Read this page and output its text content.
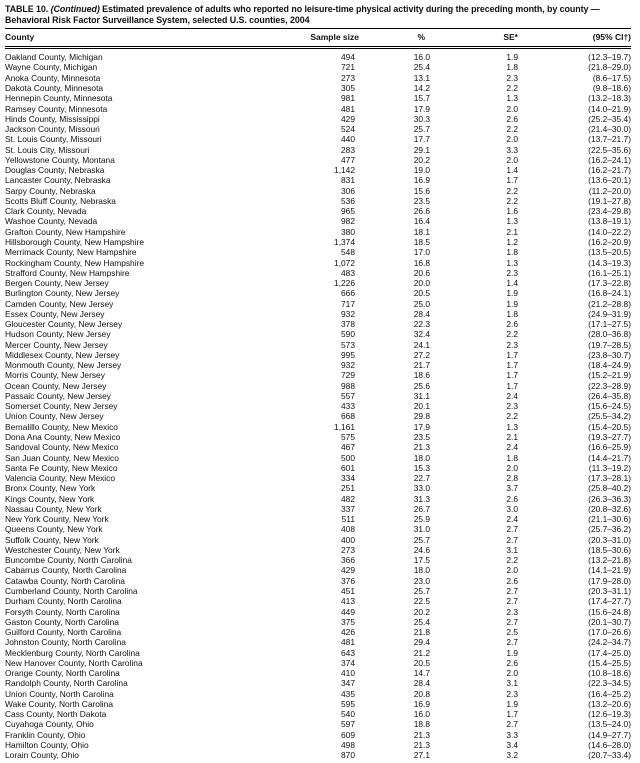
TABLE 10. (Continued) Estimated prevalence of adults who reported no leisure-time physical activity during the preceding month, by county — Behavioral Risk Factor Surveillance System, selected U.S. counties, 2004

County	Sample size	%	SE*	(95% CI†)
Oakland County, Michigan	494	16.0	1.9	(12.3–19.7)
Wayne County, Michigan	721	25.4	1.8	(21.8–29.0)
Anoka County, Minnesota	273	13.1	2.3	(8.6–17.5)
Dakota County, Minnesota	305	14.2	2.2	(9.8–18.6)
Hennepin County, Minnesota	981	15.7	1.3	(13.2–18.3)
Ramsey County, Minnesota	481	17.9	2.0	(14.0–21.9)
Hinds County, Mississippi	429	30.3	2.6	(25.2–35.4)
Jackson County, Missouri	524	25.7	2.2	(21.4–30.0)
St. Louis County, Missouri	440	17.7	2.0	(13.7–21.7)
St. Louis City, Missouri	283	29.1	3.3	(22.5–35.6)
Yellowstone County, Montana	477	20.2	2.0	(16.2–24.1)
Douglas County, Nebraska	1,142	19.0	1.4	(16.2–21.7)
Lancaster County, Nebraska	831	16.9	1.7	(13.6–20.1)
Sarpy County, Nebraska	306	15.6	2.2	(11.2–20.0)
Scotts Bluff County, Nebraska	536	23.5	2.2	(19.1–27.8)
Clark County, Nevada	965	26.6	1.6	(23.4–29.8)
Washoe County, Nevada	982	16.4	1.3	(13.8–19.1)
Grafton County, New Hampshire	380	18.1	2.1	(14.0–22.2)
Hillsborough County, New Hampshire	1,374	18.5	1.2	(16.2–20.9)
Merrimack County, New Hampshire	548	17.0	1.8	(13.5–20.5)
Rockingham County, New Hampshire	1,072	16.8	1.3	(14.3–19.3)
Strafford County, New Hampshire	483	20.6	2.3	(16.1–25.1)
Bergen County, New Jersey	1,226	20.0	1.4	(17.3–22.8)
Burlington County, New Jersey	666	20.5	1.9	(16.8–24.1)
Camden County, New Jersey	717	25.0	1.9	(21.2–28.8)
Essex County, New Jersey	932	28.4	1.8	(24.9–31.9)
Gloucester County, New Jersey	378	22.3	2.6	(17.1–27.5)
Hudson County, New Jersey	590	32.4	2.2	(28.0–36.8)
Mercer County, New Jersey	573	24.1	2.3	(19.7–28.5)
Middlesex County, New Jersey	995	27.2	1.7	(23.8–30.7)
Monmouth County, New Jersey	932	21.7	1.7	(18.4–24.9)
Morris County, New Jersey	729	18.6	1.7	(15.2–21.9)
Ocean County, New Jersey	988	25.6	1.7	(22.3–28.9)
Passaic County, New Jersey	557	31.1	2.4	(26.4–35.8)
Somerset County, New Jersey	433	20.1	2.3	(15.6–24.5)
Union County, New Jersey	668	29.8	2.2	(25.5–34.2)
Bernalillo County, New Mexico	1,161	17.9	1.3	(15.4–20.5)
Dona Ana County, New Mexico	575	23.5	2.1	(19.3–27.7)
Sandoval County, New Mexico	467	21.3	2.4	(16.6–25.9)
San Juan County, New Mexico	500	18.0	1.8	(14.4–21.7)
Santa Fe County, New Mexico	601	15.3	2.0	(11.3–19.2)
Valencia County, New Mexico	334	22.7	2.8	(17.3–28.1)
Bronx County, New York	251	33.0	3.7	(25.8–40.2)
Kings County, New York	482	31.3	2.6	(26.3–36.3)
Nassau County, New York	337	26.7	3.0	(20.8–32.6)
New York County, New York	511	25.9	2.4	(21.1–30.6)
Queens County, New York	408	31.0	2.7	(25.7–36.2)
Suffolk County, New York	400	25.7	2.7	(20.3–31.0)
Westchester County, New York	273	24.6	3.1	(18.5–30.6)
Buncombe County, North Carolina	366	17.5	2.2	(13.2–21.8)
Cabarrus County, North Carolina	429	18.0	2.0	(14.1–21.9)
Catawba County, North Carolina	376	23.0	2.6	(17.9–28.0)
Cumberland County, North Carolina	451	25.7	2.7	(20.3–31.1)
Durham County, North Carolina	413	22.5	2.7	(17.4–27.7)
Forsyth County, North Carolina	449	20.2	2.3	(15.6–24.8)
Gaston County, North Carolina	375	25.4	2.7	(20.1–30.7)
Guilford County, North Carolina	426	21.8	2.5	(17.0–26.6)
Johnston County, North Carolina	481	29.4	2.7	(24.2–34.7)
Mecklenburg County, North Carolina	643	21.2	1.9	(17.4–25.0)
New Hanover County, North Carolina	374	20.5	2.6	(15.4–25.5)
Orange County, North Carolina	410	14.7	2.0	(10.8–18.6)
Randolph County, North Carolina	347	28.4	3.1	(22.3–34.5)
Union County, North Carolina	435	20.8	2.3	(16.4–25.2)
Wake County, North Carolina	595	16.9	1.9	(13.2–20.6)
Cass County, North Dakota	540	16.0	1.7	(12.6–19.3)
Cuyahoga County, Ohio	597	18.8	2.7	(13.5–24.0)
Franklin County, Ohio	609	21.3	3.3	(14.9–27.7)
Hamilton County, Ohio	498	21.3	3.4	(14.6–28.0)
Lorain County, Ohio	870	27.1	3.2	(20.7–33.4)
